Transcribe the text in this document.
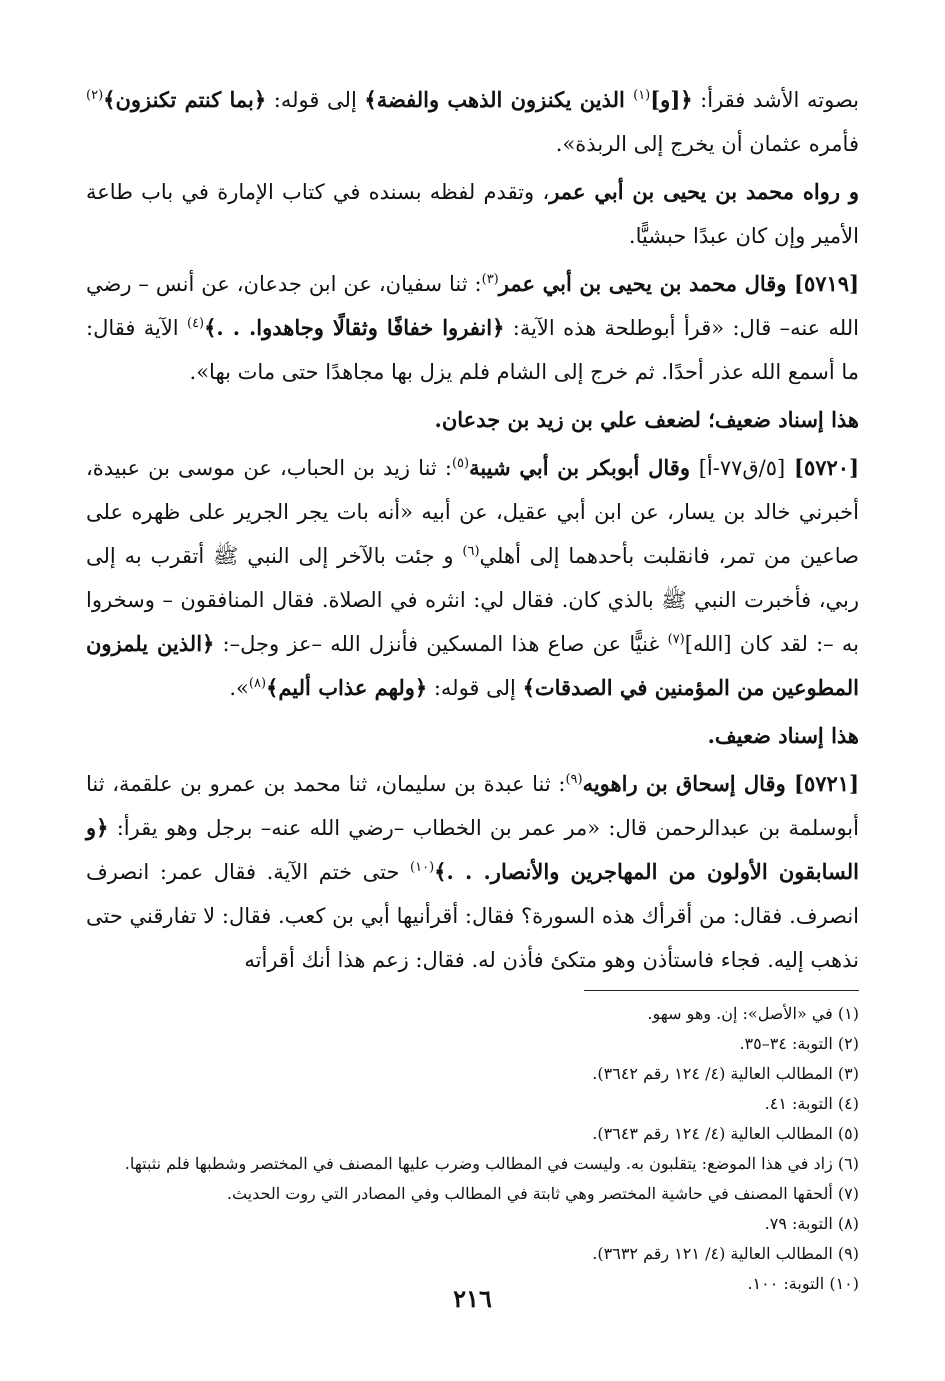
بصوته الأشد فقرأ: ﴿[و]$^{(١)}$ الذين يكنزون الذهب والفضة﴾ إلى قوله: ﴿بما كنتم تكنزون﴾$^{(٢)}$ فأمره عثمان أن يخرج إلى الربذة».

و رواه محمد بن يحيى بن أبي عمر، وتقدم لفظه بسنده في كتاب الإمارة في باب طاعة الأمير وإن كان عبدًا حبشيًّا.

[٥٧١٩] وقال محمد بن يحيى بن أبي عمر$^{(٣)}$: ثنا سفيان، عن ابن جدعان، عن أنس – رضي الله عنه– قال: «قرأ أبوطلحة هذه الآية: ﴿انفروا خفافًا وثقالًا وجاهدوا. . .﴾$^{(٤)}$ الآية فقال: ما أسمع الله عذر أحدًا. ثم خرج إلى الشام فلم يزل بها مجاهدًا حتى مات بها».

هذا إسناد ضعيف؛ لضعف علي بن زيد بن جدعان.

[٥٧٢٠] [٥/ق٧٧-أ] وقال أبوبكر بن أبي شيبة$^{(٥)}$: ثنا زيد بن الحباب، عن موسى بن عبيدة، أخبرني خالد بن يسار، عن ابن أبي عقيل، عن أبيه «أنه بات يجر الجرير على ظهره على صاعين من تمر، فانقلبت بأحدهما إلى أهلي$^{(٦)}$ و جئت بالآخر إلى النبي ﷺ أتقرب به إلى ربي، فأخبرت النبي ﷺ بالذي كان. فقال لي: انثره في الصلاة. فقال المنافقون – وسخروا به –: لقد كان [الله]$^{(٧)}$ غنيًّا عن صاع هذا المسكين فأنزل الله –عز وجل–: ﴿الذين يلمزون المطوعين من المؤمنين في الصدقات﴾ إلى قوله: ﴿ولهم عذاب أليم﴾$^{(٨)}$».

هذا إسناد ضعيف.

[٥٧٢١] وقال إسحاق بن راهويه$^{(٩)}$: ثنا عبدة بن سليمان، ثنا محمد بن عمرو بن علقمة، ثنا أبوسلمة بن عبدالرحمن قال: «مر عمر بن الخطاب –رضي الله عنه– برجل وهو يقرأ: ﴿و السابقون الأولون من المهاجرين والأنصار. . .﴾$^{(١٠)}$ حتى ختم الآية. فقال عمر: انصرف انصرف. فقال: من أقرأك هذه السورة؟ فقال: أقرأنيها أبي بن كعب. فقال: لا تفارقني حتى نذهب إليه. فجاء فاستأذن وهو متكئ فأذن له. فقال: زعم هذا أنك أقرأته

(١) في «الأصل»: إن. وهو سهو.

(٢) التوبة: ٣٤–٣٥.

(٣) المطالب العالية (٤/ ١٢٤ رقم ٣٦٤٢).

(٤) التوبة: ٤١.

(٥) المطالب العالية (٤/ ١٢٤ رقم ٣٦٤٣).

(٦) زاد في هذا الموضع: يتقلبون به. وليست في المطالب وضرب عليها المصنف في المختصر وشطبها فلم نثبتها.

(٧) ألحقها المصنف في حاشية المختصر وهي ثابتة في المطالب وفي المصادر التي روت الحديث.

(٨) التوبة: ٧٩.

(٩) المطالب العالية (٤/ ١٢١ رقم ٣٦٣٢).

(١٠) التوبة: ١٠٠.

٢١٦
